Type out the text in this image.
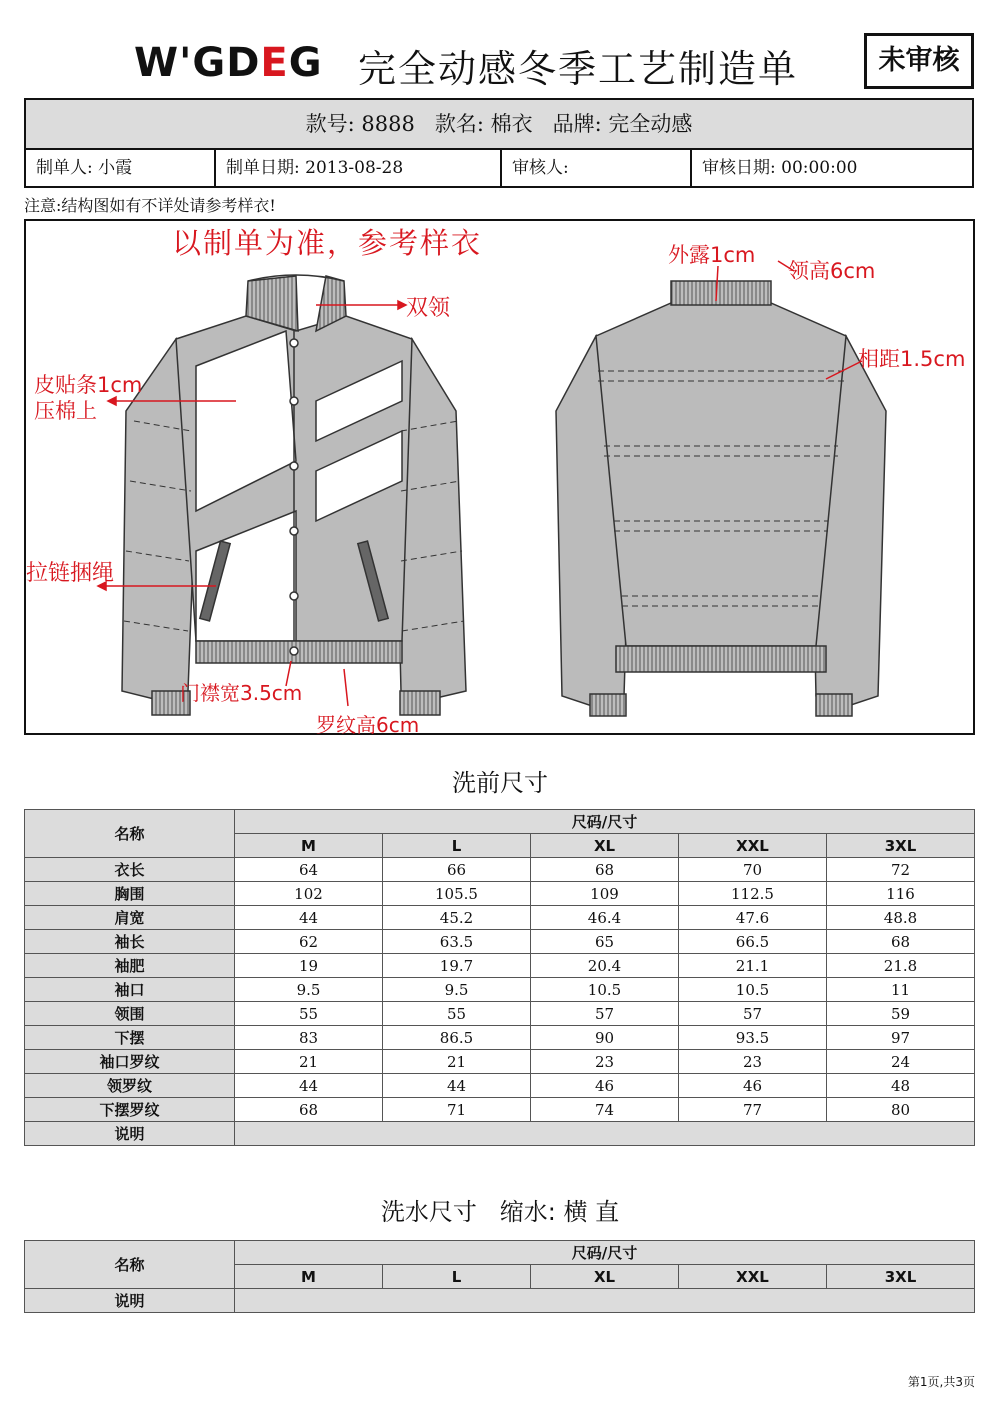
W'GDEG 完全动感冬季工艺制造单	未审核
款号: 8888   款名: 棉衣   品牌: 完全动感
制单人: 小霞	制单日期: 2013-08-28	审核人:	审核日期: 00:00:00
注意:结构图如有不详处请参考样衣!
以制单为准，参考样衣
双领
皮贴条1cm
压棉上
拉链捆绳
门襟宽3.5cm
罗纹高6cm
外露1cm
领高6cm
相距1.5cm
洗前尺寸
名称	尺码/尺寸				
	M	L	XL	XXL	3XL
衣长	64	66	68	70	72
胸围	102	105.5	109	112.5	116
肩宽	44	45.2	46.4	47.6	48.8
袖长	62	63.5	65	66.5	68
袖肥	19	19.7	20.4	21.1	21.8
袖口	9.5	9.5	10.5	10.5	11
领围	55	55	57	57	59
下摆	83	86.5	90	93.5	97
袖口罗纹	21	21	23	23	24
领罗纹	44	44	46	46	48
下摆罗纹	68	71	74	77	80
说明					
洗水尺寸   缩水: 横 直
名称	尺码/尺寸				
	M	L	XL	XXL	3XL
说明					
第1页,共3页
